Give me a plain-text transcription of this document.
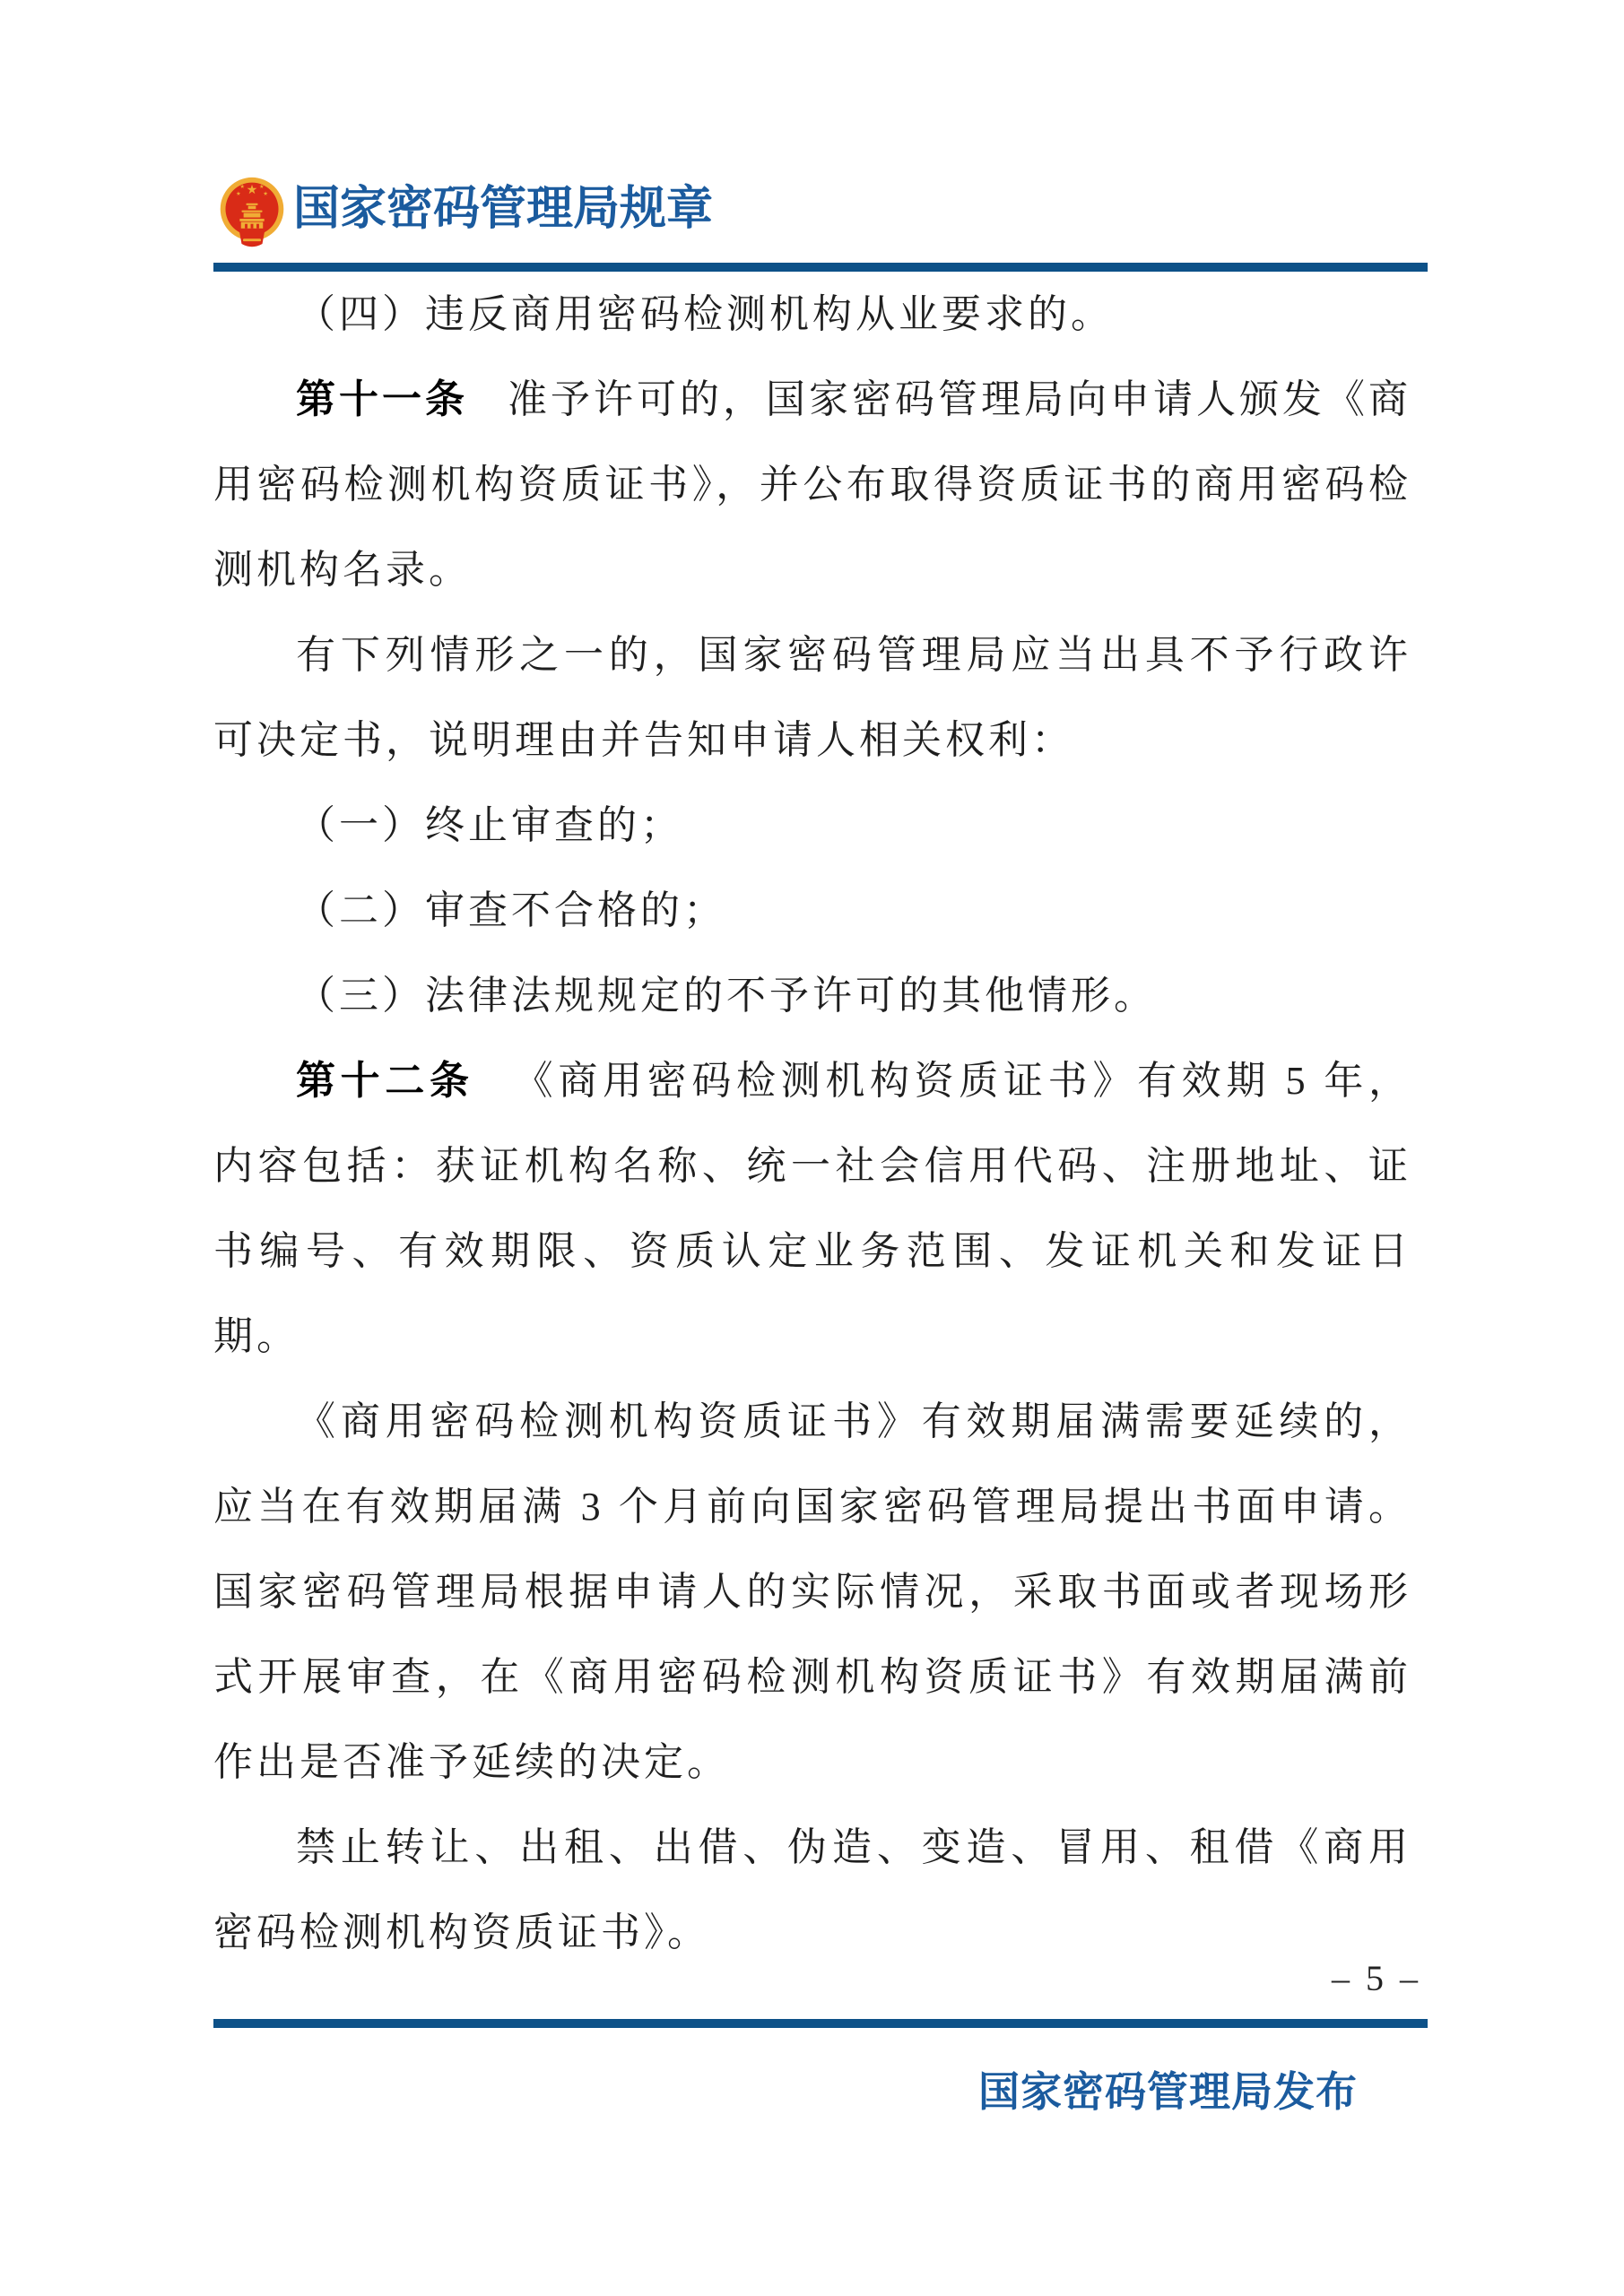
国家密码管理局规章

（四）违反商用密码检测机构从业要求的。

第十一条 准予许可的，国家密码管理局向申请人颁发《商用密码检测机构资质证书》，并公布取得资质证书的商用密码检测机构名录。

有下列情形之一的，国家密码管理局应当出具不予行政许可决定书，说明理由并告知申请人相关权利：

（一）终止审查的；

（二）审查不合格的；

（三）法律法规规定的不予许可的其他情形。

第十二条 《商用密码检测机构资质证书》有效期 5 年，内容包括：获证机构名称、统一社会信用代码、注册地址、证书编号、有效期限、资质认定业务范围、发证机关和发证日期。

《商用密码检测机构资质证书》有效期届满需要延续的，应当在有效期届满 3 个月前向国家密码管理局提出书面申请。国家密码管理局根据申请人的实际情况，采取书面或者现场形式开展审查，在《商用密码检测机构资质证书》有效期届满前作出是否准予延续的决定。

禁止转让、出租、出借、伪造、变造、冒用、租借《商用密码检测机构资质证书》。

– 5 –
国家密码管理局发布
